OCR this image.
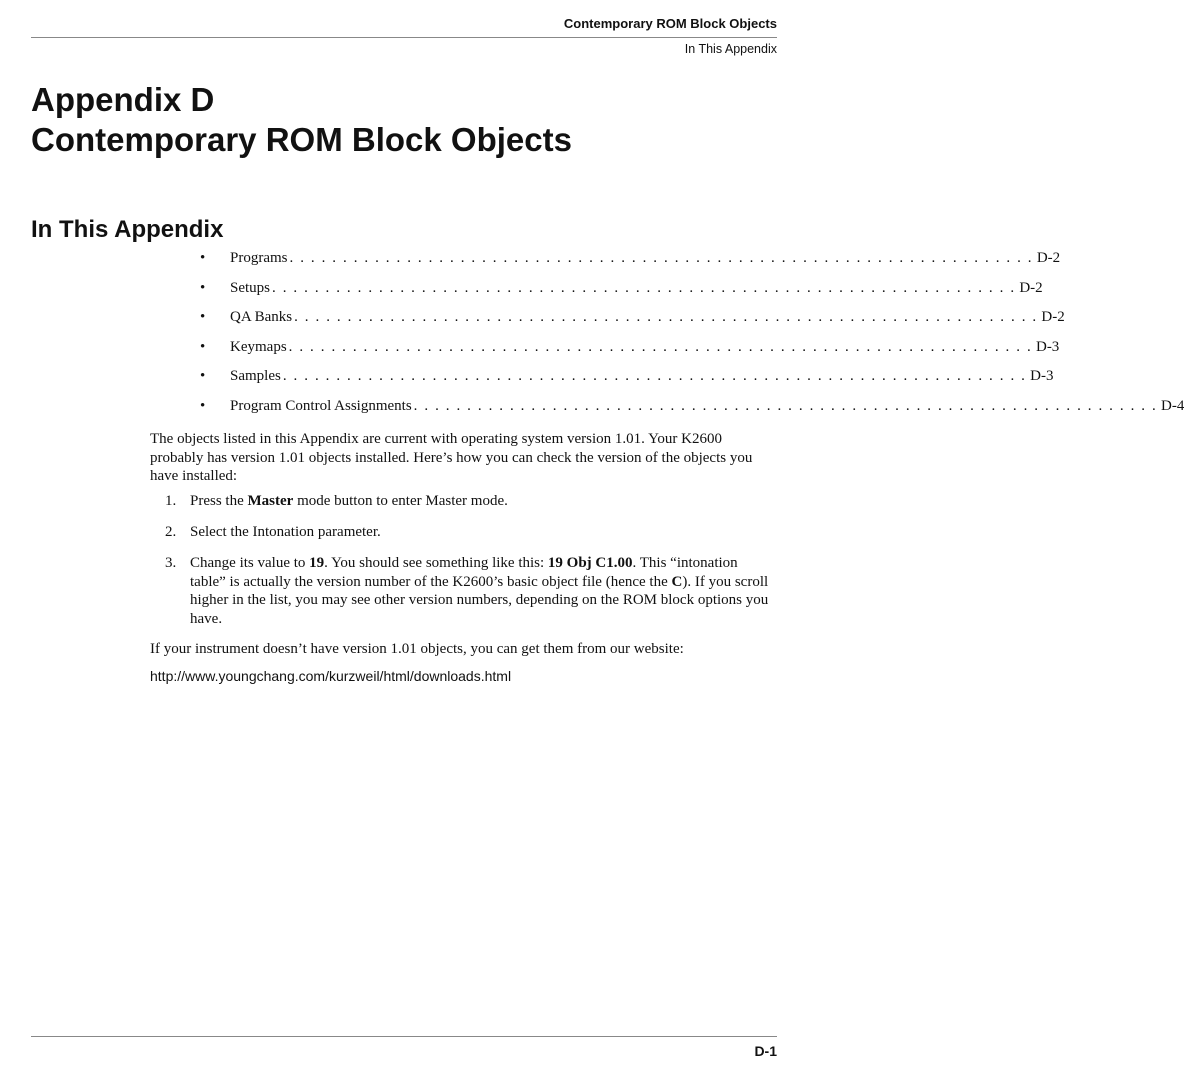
Contemporary ROM Block Objects
In This Appendix
Appendix D
Contemporary ROM Block Objects
In This Appendix
•	Programs . . . . . . . . . . . . . . . . . . . . . . . . . . . . . . . . . . . . . . . . . . . . . . . . . . . . . . . . . . . . . . . . . . . . . . D-2
•	Setups . . . . . . . . . . . . . . . . . . . . . . . . . . . . . . . . . . . . . . . . . . . . . . . . . . . . . . . . . . . . . . . . . . . . . . D-2
•	QA Banks . . . . . . . . . . . . . . . . . . . . . . . . . . . . . . . . . . . . . . . . . . . . . . . . . . . . . . . . . . . . . . . . . . . . . . D-2
•	Keymaps . . . . . . . . . . . . . . . . . . . . . . . . . . . . . . . . . . . . . . . . . . . . . . . . . . . . . . . . . . . . . . . . . . . . . . D-3
•	Samples . . . . . . . . . . . . . . . . . . . . . . . . . . . . . . . . . . . . . . . . . . . . . . . . . . . . . . . . . . . . . . . . . . . . . . D-3
•	Program Control Assignments . . . . . . . . . . . . . . . . . . . . . . . . . . . . . . . . . . . . . . . . . . . . . . . . . . . . . . . . . . . . . . . . . . . . . . D-4

The objects listed in this Appendix are current with operating system version 1.01. Your K2600 probably has version 1.01 objects installed. Here’s how you can check the version of the objects you have installed:

1. Press the Master mode button to enter Master mode.
2. Select the Intonation parameter.
3. Change its value to 19. You should see something like this: 19 Obj C1.00. This “intonation table” is actually the version number of the K2600’s basic object file (hence the C). If you scroll higher in the list, you may see other version numbers, depending on the ROM block options you have.

If your instrument doesn’t have version 1.01 objects, you can get them from our website:

http://www.youngchang.com/kurzweil/html/downloads.html

D-1
